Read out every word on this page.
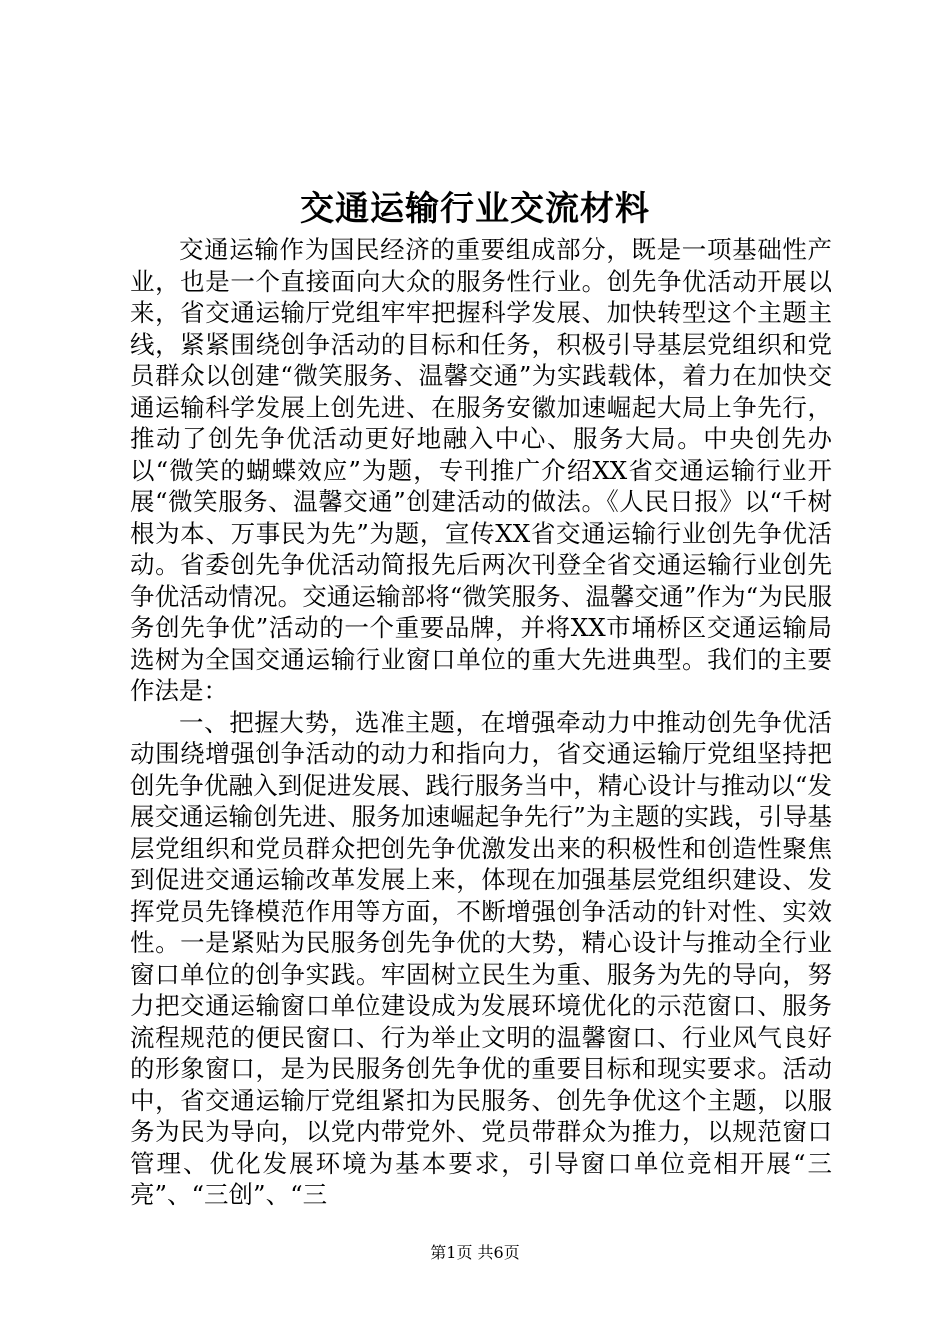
交通运输行业交流材料

交通运输作为国民经济的重要组成部分，既是一项基础性产业，也是一个直接面向大众的服务性行业。创先争优活动开展以来，省交通运输厅党组牢牢把握科学发展、加快转型这个主题主线，紧紧围绕创争活动的目标和任务，积极引导基层党组织和党员群众以创建“微笑服务、温馨交通”为实践载体，着力在加快交通运输科学发展上创先进、在服务安徽加速崛起大局上争先行，推动了创先争优活动更好地融入中心、服务大局。中央创先办以“微笑的蝴蝶效应”为题，专刊推广介绍XX省交通运输行业开展“微笑服务、温馨交通”创建活动的做法。《人民日报》以“千树根为本、万事民为先”为题，宣传XX省交通运输行业创先争优活动。省委创先争优活动简报先后两次刊登全省交通运输行业创先争优活动情况。交通运输部将“微笑服务、温馨交通”作为“为民服务创先争优”活动的一个重要品牌，并将XX市埇桥区交通运输局选树为全国交通运输行业窗口单位的重大先进典型。我们的主要作法是：

一、把握大势，选准主题，在增强牵动力中推动创先争优活动围绕增强创争活动的动力和指向力，省交通运输厅党组坚持把创先争优融入到促进发展、践行服务当中，精心设计与推动以“发展交通运输创先进、服务加速崛起争先行”为主题的实践，引导基层党组织和党员群众把创先争优激发出来的积极性和创造性聚焦到促进交通运输改革发展上来，体现在加强基层党组织建设、发挥党员先锋模范作用等方面，不断增强创争活动的针对性、实效性。一是紧贴为民服务创先争优的大势，精心设计与推动全行业窗口单位的创争实践。牢固树立民生为重、服务为先的导向，努力把交通运输窗口单位建设成为发展环境优化的示范窗口、服务流程规范的便民窗口、行为举止文明的温馨窗口、行业风气良好的形象窗口，是为民服务创先争优的重要目标和现实要求。活动中，省交通运输厅党组紧扣为民服务、创先争优这个主题，以服务为民为导向，以党内带党外、党员带群众为推力，以规范窗口管理、优化发展环境为基本要求，引导窗口单位竞相开展“三亮”、“三创”、“三

第1页 共6页
